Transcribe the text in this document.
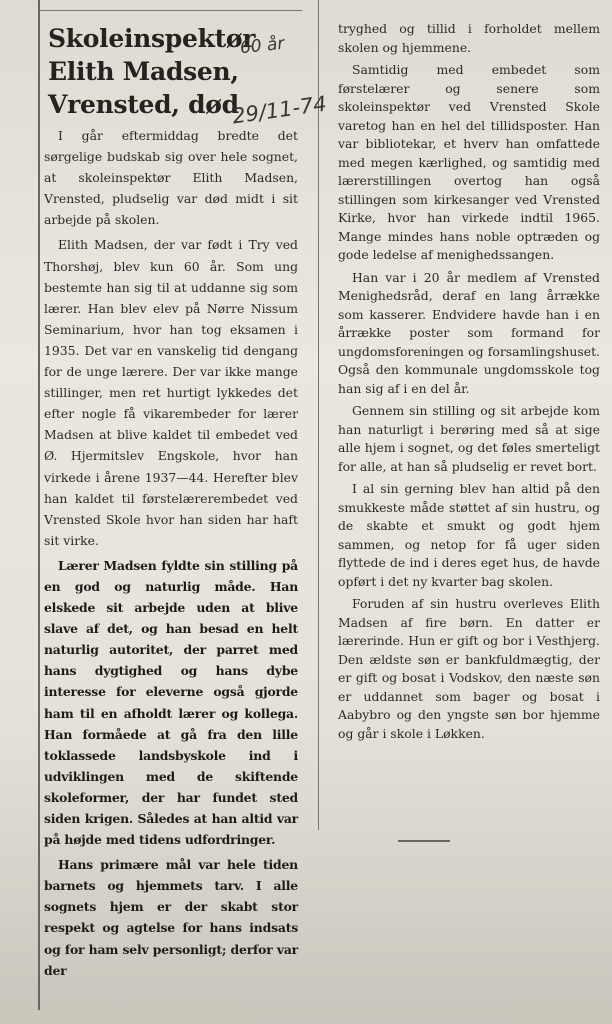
Skoleinspektør
Elith Madsen,
Vrensted, død

I går eftermiddag bredte det sørgelige budskab sig over hele sognet, at skoleinspektør Elith Madsen, Vrensted, pludselig var død midt i sit arbejde på skolen.

Elith Madsen, der var født i Try ved Thorshøj, blev kun 60 år. Som ung bestemte han sig til at uddanne sig som lærer. Han blev elev på Nørre Nissum Seminarium, hvor han tog eksamen i 1935. Det var en vanskelig tid dengang for de unge lærere. Der var ikke mange stillinger, men ret hurtigt lykkedes det efter nogle få vikarembeder for lærer Madsen at blive kaldet til embedet ved Ø. Hjermitslev Engskole, hvor han virkede i årene 1937—44. Herefter blev han kaldet til førstelærerembedet ved Vrensted Skole hvor han siden har haft sit virke.

Lærer Madsen fyldte sin stilling på en god og naturlig måde. Han elskede sit arbejde uden at blive slave af det, og han besad en helt naturlig autoritet, der parret med hans dygtighed og hans dybe interesse for eleverne også gjorde ham til en afholdt lærer og kollega. Han formåede at gå fra den lille toklassede landsbyskole ind i udviklingen med de skiftende skoleformer, der har fundet sted siden krigen. Således at han altid var på højde med tidens udfordringer.

Hans primære mål var hele tiden barnets og hjemmets tarv. I alle sognets hjem er der skabt stor respekt og agtelse for hans indsats og for ham selv personligt; derfor var der

60 år
29/11-74

tryghed og tillid i forholdet mellem skolen og hjemmene.

Samtidig med embedet som førstelærer og senere som skoleinspektør ved Vrensted Skole varetog han en hel del tillidsposter. Han var bibliotekar, et hverv han omfattede med megen kærlighed, og samtidig med lærerstillingen overtog han også stillingen som kirkesanger ved Vrensted Kirke, hvor han virkede indtil 1965. Mange mindes hans noble optræden og gode ledelse af menighedssangen.

Han var i 20 år medlem af Vrensted Menighedsråd, deraf en lang årrække som kasserer. Endvidere havde han i en årrække poster som formand for ungdomsforeningen og forsamlingshuset. Også den kommunale ungdomsskole tog han sig af i en del år.

Gennem sin stilling og sit arbejde kom han naturligt i berøring med så at sige alle hjem i sognet, og det føles smerteligt for alle, at han så pludselig er revet bort.

I al sin gerning blev han altid på den smukkeste måde støttet af sin hustru, og de skabte et smukt og godt hjem sammen, og netop for få uger siden flyttede de ind i deres eget hus, de havde opført i det ny kvarter bag skolen.

Foruden af sin hustru overleves Elith Madsen af fire børn. En datter er lærerinde. Hun er gift og bor i Vesthjerg. Den ældste søn er bankfuldmægtig, der er gift og bosat i Vodskov, den næste søn er uddannet som bager og bosat i Aabybro og den yngste søn bor hjemme og går i skole i Løkken.
